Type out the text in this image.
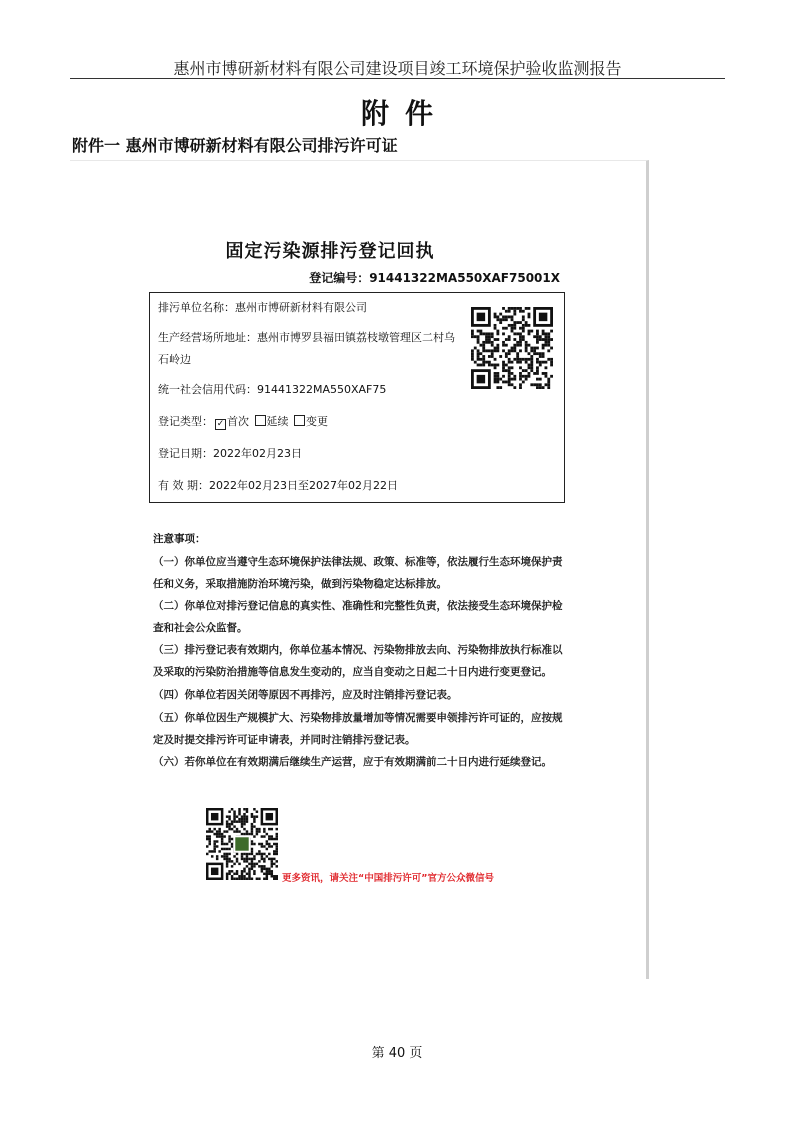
惠州市博研新材料有限公司建设项目竣工环境保护验收监测报告
附件
附件一 惠州市博研新材料有限公司排污许可证
固定污染源排污登记回执
登记编号：91441322MA550XAF75001X
排污单位名称：惠州市博研新材料有限公司
生产经营场所地址：惠州市博罗县福田镇荔枝墩管理区二村乌石岭边
统一社会信用代码：91441322MA550XAF75
登记类型： ✓ 首次 延续 变更
登记日期：2022年02月23日
有 效 期：2022年02月23日至2027年02月22日
注意事项：
（一）你单位应当遵守生态环境保护法律法规、政策、标准等，依法履行生态环境保护责任和义务，采取措施防治环境污染，做到污染物稳定达标排放。
（二）你单位对排污登记信息的真实性、准确性和完整性负责，依法接受生态环境保护检查和社会公众监督。
（三）排污登记表有效期内，你单位基本情况、污染物排放去向、污染物排放执行标准以及采取的污染防治措施等信息发生变动的，应当自变动之日起二十日内进行变更登记。
（四）你单位若因关闭等原因不再排污，应及时注销排污登记表。
（五）你单位因生产规模扩大、污染物排放量增加等情况需要申领排污许可证的，应按规定及时提交排污许可证申请表，并同时注销排污登记表。
（六）若你单位在有效期满后继续生产运营，应于有效期满前二十日内进行延续登记。
更多资讯，请关注“中国排污许可”官方公众微信号
第 40 页
